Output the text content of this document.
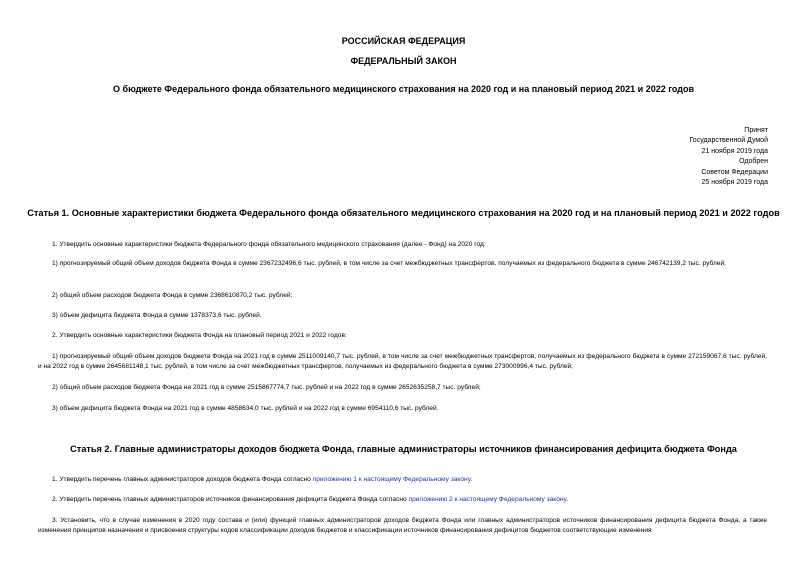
РОССИЙСКАЯ ФЕДЕРАЦИЯ
ФЕДЕРАЛЬНЫЙ ЗАКОН
О бюджете Федерального фонда обязательного медицинского страхования на 2020 год и на плановый период 2021 и 2022 годов
Принят
Государственной Думой
21 ноября 2019 года
Одобрен
Советом Федерации
25 ноября 2019 года
Статья 1. Основные характеристики бюджета Федерального фонда обязательного медицинского страхования на 2020 год и на плановый период 2021 и 2022 годов
1. Утвердить основные характеристики бюджета Федерального фонда обязательного медицинского страхования (далее - Фонд) на 2020 год:
1) прогнозируемый общий объем доходов бюджета Фонда в сумме 2367232496,6 тыс. рублей, в том числе за счет межбюджетных трансфертов, получаемых из федерального бюджета в сумме 246742139,2 тыс. рублей;
2) общий объем расходов бюджета Фонда в сумме 2368610870,2 тыс. рублей;
3) объем дефицита бюджета Фонда в сумме 1378373,6 тыс. рублей.
2. Утвердить основные характеристики бюджета Фонда на плановый период 2021 и 2022 годов:
1) прогнозируемый общий объем доходов бюджета Фонда на 2021 год в сумме 2511009140,7 тыс. рублей, в том числе за счет межбюджетных трансфертов, получаемых из федерального бюджета в сумме 272159067,6 тыс. рублей, и на 2022 год в сумме 2645681148,1 тыс. рублей, в том числе за счет межбюджетных трансфертов, получаемых из федерального бюджета в сумме 273000996,4 тыс. рублей;
2) общий объем расходов бюджета Фонда на 2021 год в сумме 2515867774,7 тыс. рублей и на 2022 год в сумме 2652635258,7 тыс. рублей;
3) объем дефицита бюджета Фонда на 2021 год в сумме 4858634,0 тыс. рублей и на 2022 год в сумме 6954110,6 тыс. рублей.
Статья 2. Главные администраторы доходов бюджета Фонда, главные администраторы источников финансирования дефицита бюджета Фонда
1. Утвердить перечень главных администраторов доходов бюджета Фонда согласно приложению 1 к настоящему Федеральному закону.
2. Утвердить перечень главных администраторов источников финансирования дефицита бюджета Фонда согласно приложению 2 к настоящему Федеральному закону.
3. Установить, что в случае изменения в 2020 году состава и (или) функций главных администраторов доходов бюджета Фонда или главных администраторов источников финансирования дефицита бюджета Фонда, а также изменения принципов назначения и присвоения структуры кодов классификации доходов бюджетов и классификации источников финансирования дефицитов бюджетов соответствующие изменения
